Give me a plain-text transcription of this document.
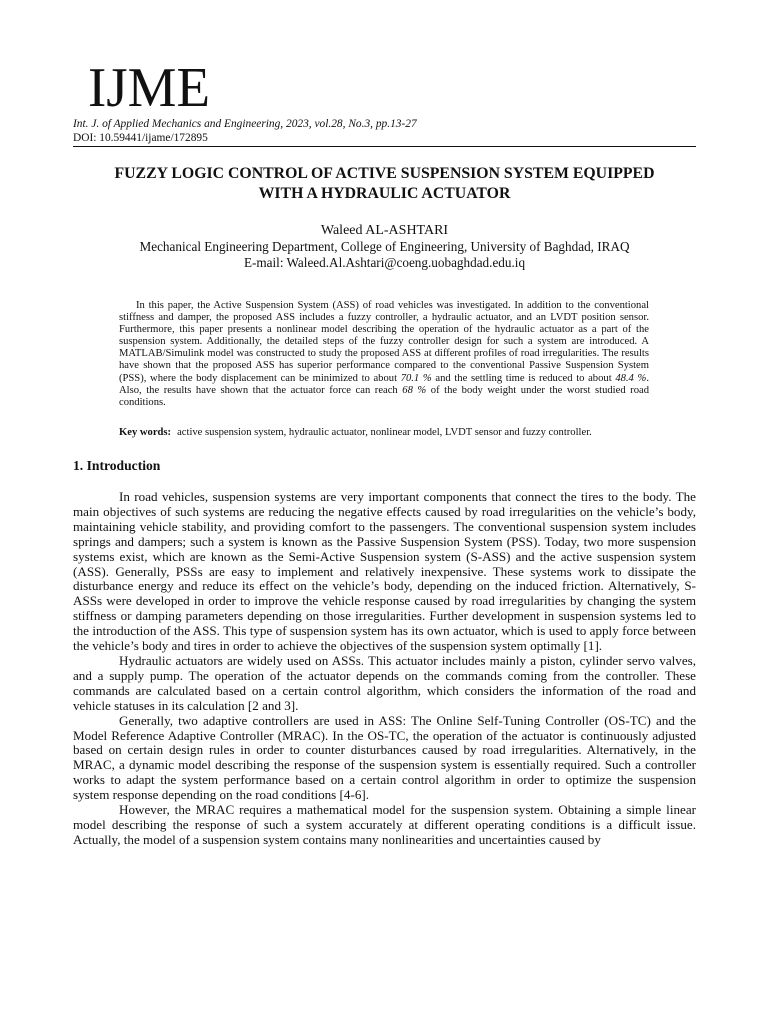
IJME
Int. J. of Applied Mechanics and Engineering, 2023, vol.28, No.3, pp.13-27
DOI: 10.59441/ijame/172895
FUZZY LOGIC CONTROL OF ACTIVE SUSPENSION SYSTEM EQUIPPED
WITH A HYDRAULIC ACTUATOR
Waleed AL-ASHTARI
Mechanical Engineering Department, College of Engineering, University of Baghdad, IRAQ
E-mail: Waleed.Al.Ashtari@coeng.uobaghdad.edu.iq
In this paper, the Active Suspension System (ASS) of road vehicles was investigated. In addition to the conventional stiffness and damper, the proposed ASS includes a fuzzy controller, a hydraulic actuator, and an LVDT position sensor. Furthermore, this paper presents a nonlinear model describing the operation of the hydraulic actuator as a part of the suspension system. Additionally, the detailed steps of the fuzzy controller design for such a system are introduced. A MATLAB/Simulink model was constructed to study the proposed ASS at different profiles of road irregularities. The results have shown that the proposed ASS has superior performance compared to the conventional Passive Suspension System (PSS), where the body displacement can be minimized to about 70.1 % and the settling time is reduced to about 48.4 %. Also, the results have shown that the actuator force can reach 68 % of the body weight under the worst studied road conditions.
Key words: active suspension system, hydraulic actuator, nonlinear model, LVDT sensor and fuzzy controller.
1. Introduction

In road vehicles, suspension systems are very important components that connect the tires to the body. The main objectives of such systems are reducing the negative effects caused by road irregularities on the vehicle’s body, maintaining vehicle stability, and providing comfort to the passengers. The conventional suspension system includes springs and dampers; such a system is known as the Passive Suspension System (PSS). Today, two more suspension systems exist, which are known as the Semi-Active Suspension system (S-ASS) and the active suspension system (ASS). Generally, PSSs are easy to implement and relatively inexpensive. These systems work to dissipate the disturbance energy and reduce its effect on the vehicle’s body, depending on the induced friction. Alternatively, S-ASSs were developed in order to improve the vehicle response caused by road irregularities by changing the system stiffness or damping parameters depending on those irregularities. Further development in suspension systems led to the introduction of the ASS. This type of suspension system has its own actuator, which is used to apply force between the vehicle’s body and tires in order to achieve the objectives of the suspension system optimally [1].

Hydraulic actuators are widely used on ASSs. This actuator includes mainly a piston, cylinder servo valves, and a supply pump. The operation of the actuator depends on the commands coming from the controller. These commands are calculated based on a certain control algorithm, which considers the information of the road and vehicle statuses in its calculation [2 and 3].

Generally, two adaptive controllers are used in ASS: The Online Self-Tuning Controller (OS-TC) and the Model Reference Adaptive Controller (MRAC). In the OS-TC, the operation of the actuator is continuously adjusted based on certain design rules in order to counter disturbances caused by road irregularities. Alternatively, in the MRAC, a dynamic model describing the response of the suspension system is essentially required. Such a controller works to adapt the system performance based on a certain control algorithm in order to optimize the suspension system response depending on the road conditions [4-6].

However, the MRAC requires a mathematical model for the suspension system. Obtaining a simple linear model describing the response of such a system accurately at different operating conditions is a difficult issue. Actually, the model of a suspension system contains many nonlinearities and uncertainties caused by
